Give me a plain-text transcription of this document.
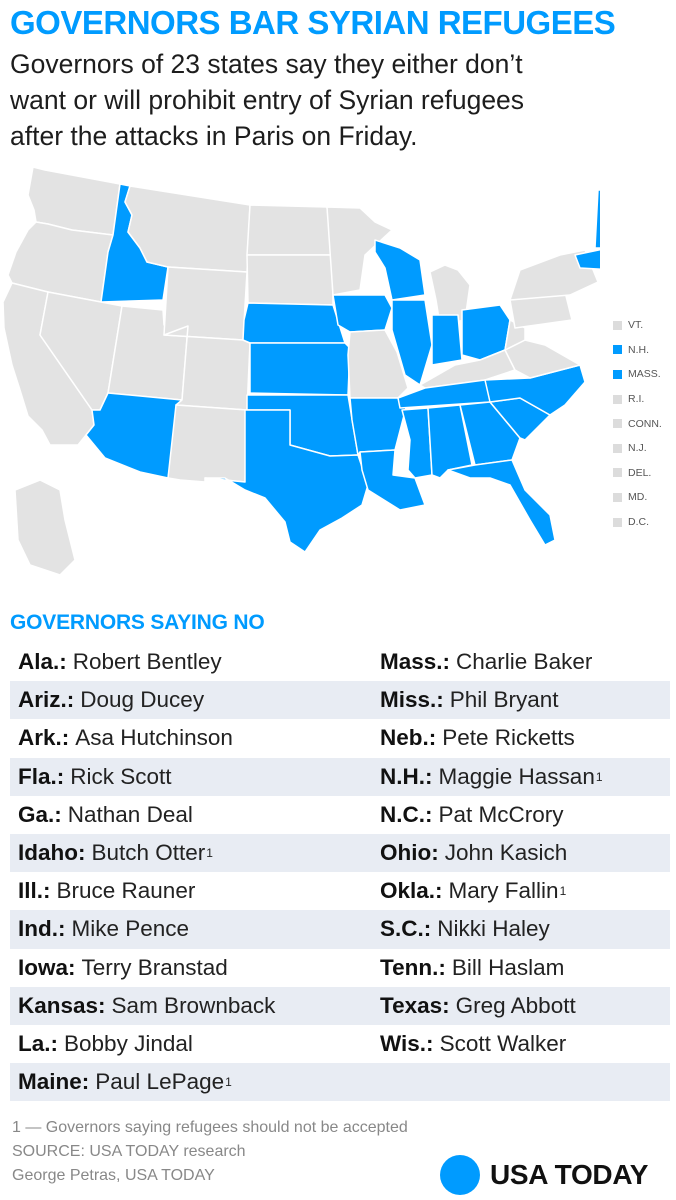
GOVERNORS BAR SYRIAN REFUGEES
Governors of 23 states say they either don’t
want or will prohibit entry of Syrian refugees
after the attacks in Paris on Friday.
VT.
N.H.
MASS.
R.I.
CONN.
N.J.
DEL.
MD.
D.C.
GOVERNORS SAYING NO
Ala.: Robert Bentley	Mass.: Charlie Baker
Ariz.: Doug Ducey	Miss.: Phil Bryant
Ark.: Asa Hutchinson	Neb.: Pete Ricketts
Fla.: Rick Scott	N.H.: Maggie Hassan 1
Ga.: Nathan Deal	N.C.: Pat McCrory
Idaho: Butch Otter 1	Ohio: John Kasich
Ill.: Bruce Rauner	Okla.: Mary Fallin 1
Ind.: Mike Pence	S.C.: Nikki Haley
Iowa: Terry Branstad	Tenn.: Bill Haslam
Kansas: Sam Brownback	Texas: Greg Abbott
La.: Bobby Jindal	Wis.: Scott Walker
Maine: Paul LePage 1
1 — Governors saying refugees should not be accepted
SOURCE: USA TODAY research
George Petras, USA TODAY	USA TODAY
